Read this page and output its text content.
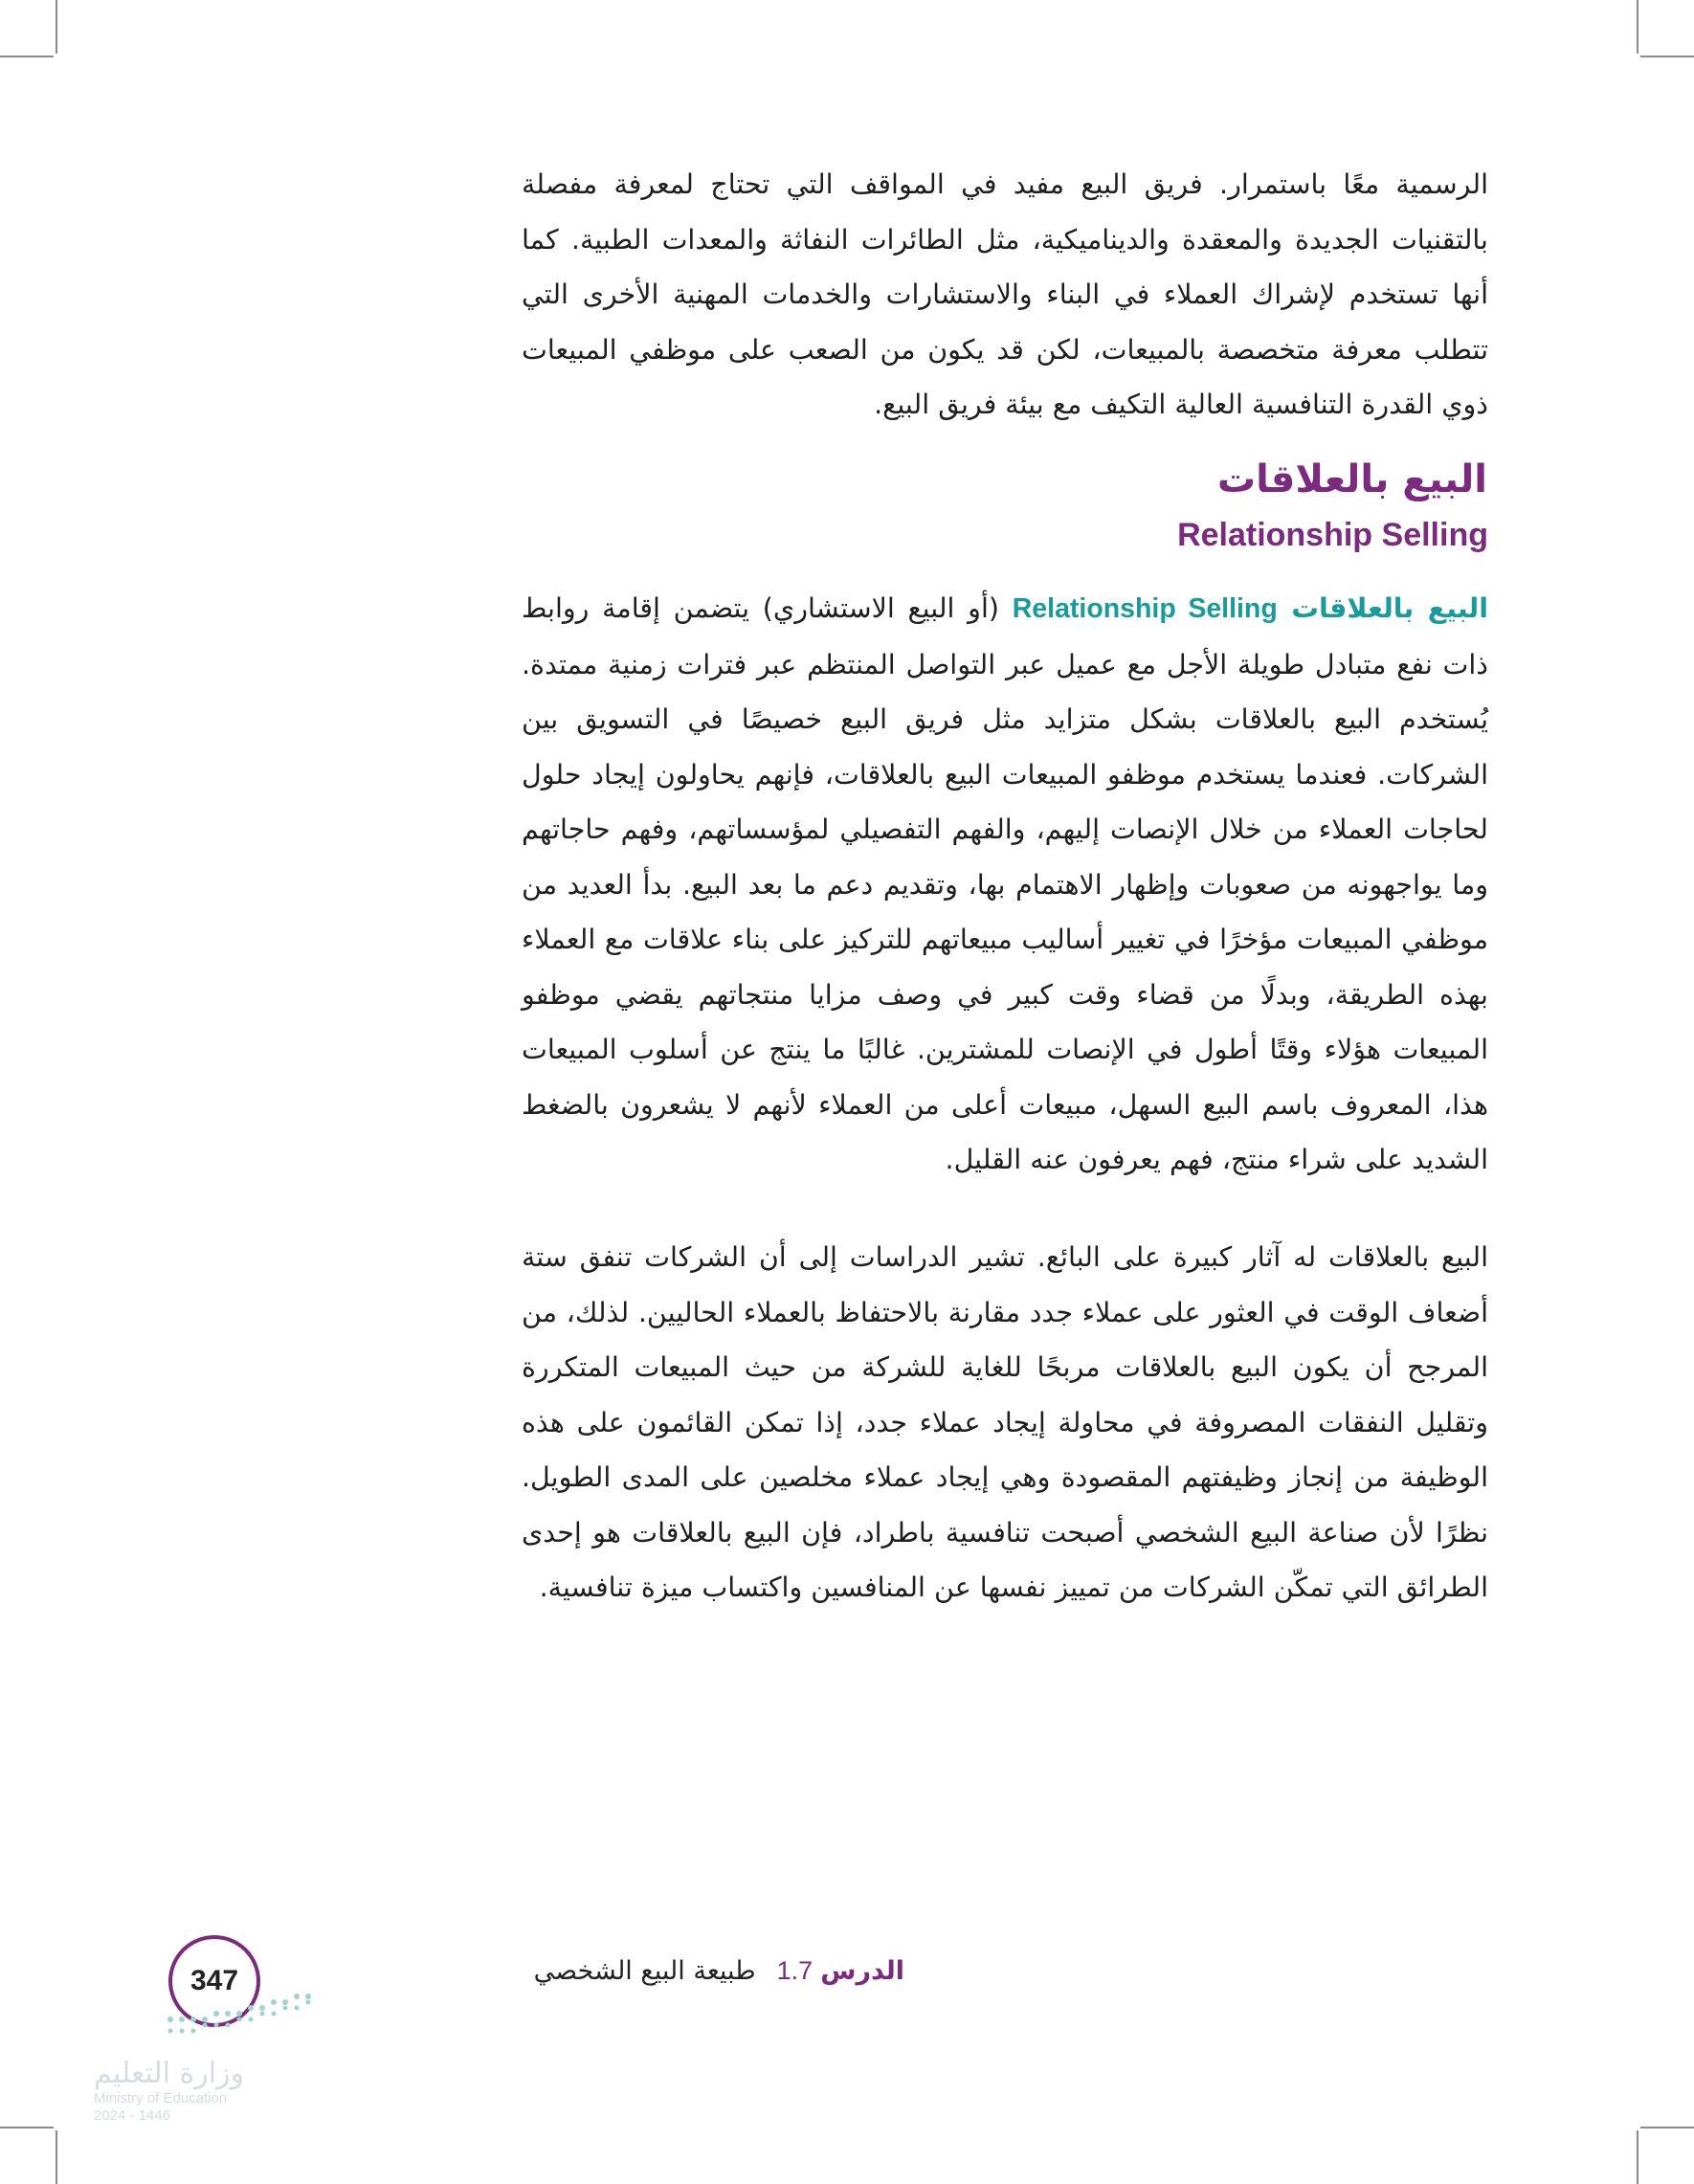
الرسمية معًا باستمرار. فريق البيع مفيد في المواقف التي تحتاج لمعرفة مفصلة بالتقنيات الجديدة والمعقدة والديناميكية، مثل الطائرات النفاثة والمعدات الطبية. كما أنها تستخدم لإشراك العملاء في البناء والاستشارات والخدمات المهنية الأخرى التي تتطلب معرفة متخصصة بالمبيعات، لكن قد يكون من الصعب على موظفي المبيعات ذوي القدرة التنافسية العالية التكيف مع بيئة فريق البيع.

البيع بالعلاقات
Relationship Selling

البيع بالعلاقات Relationship Selling (أو البيع الاستشاري) يتضمن إقامة روابط ذات نفع متبادل طويلة الأجل مع عميل عبر التواصل المنتظم عبر فترات زمنية ممتدة. يُستخدم البيع بالعلاقات بشكل متزايد مثل فريق البيع خصيصًا في التسويق بين الشركات. فعندما يستخدم موظفو المبيعات البيع بالعلاقات، فإنهم يحاولون إيجاد حلول لحاجات العملاء من خلال الإنصات إليهم، والفهم التفصيلي لمؤسساتهم، وفهم حاجاتهم وما يواجهونه من صعوبات وإظهار الاهتمام بها، وتقديم دعم ما بعد البيع. بدأ العديد من موظفي المبيعات مؤخرًا في تغيير أساليب مبيعاتهم للتركيز على بناء علاقات مع العملاء بهذه الطريقة، وبدلًا من قضاء وقت كبير في وصف مزايا منتجاتهم يقضي موظفو المبيعات هؤلاء وقتًا أطول في الإنصات للمشترين. غالبًا ما ينتج عن أسلوب المبيعات هذا، المعروف باسم البيع السهل، مبيعات أعلى من العملاء لأنهم لا يشعرون بالضغط الشديد على شراء منتج، فهم يعرفون عنه القليل.

البيع بالعلاقات له آثار كبيرة على البائع. تشير الدراسات إلى أن الشركات تنفق ستة أضعاف الوقت في العثور على عملاء جدد مقارنة بالاحتفاظ بالعملاء الحاليين. لذلك، من المرجح أن يكون البيع بالعلاقات مربحًا للغاية للشركة من حيث المبيعات المتكررة وتقليل النفقات المصروفة في محاولة إيجاد عملاء جدد، إذا تمكن القائمون على هذه الوظيفة من إنجاز وظيفتهم المقصودة وهي إيجاد عملاء مخلصين على المدى الطويل. نظرًا لأن صناعة البيع الشخصي أصبحت تنافسية باطراد، فإن البيع بالعلاقات هو إحدى الطرائق التي تمكّن الشركات من تمييز نفسها عن المنافسين واكتساب ميزة تنافسية.

347	الدرس1.7طبيعة البيع الشخصي
وزارة التعليم
Ministry of Education
2024 - 1446
